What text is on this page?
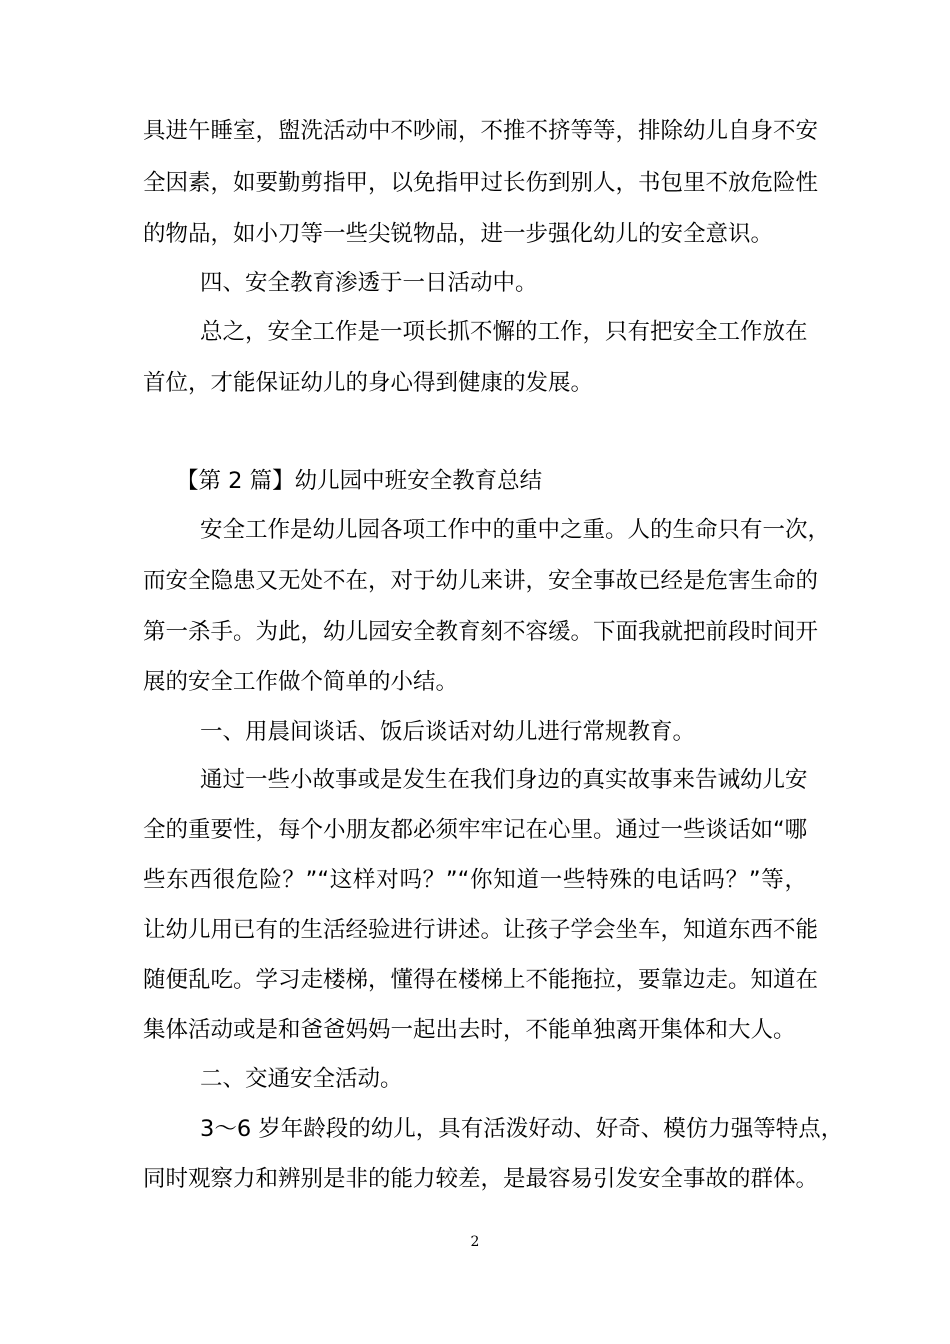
具进午睡室，盥洗活动中不吵闹，不推不挤等等，排除幼儿自身不安
全因素，如要勤剪指甲，以免指甲过长伤到别人，书包里不放危险性
的物品，如小刀等一些尖锐物品，进一步强化幼儿的安全意识。
四、安全教育渗透于一日活动中。
总之，安全工作是一项长抓不懈的工作，只有把安全工作放在
首位，才能保证幼儿的身心得到健康的发展。
【第 2 篇】幼儿园中班安全教育总结
安全工作是幼儿园各项工作中的重中之重。人的生命只有一次，
而安全隐患又无处不在，对于幼儿来讲，安全事故已经是危害生命的
第一杀手。为此，幼儿园安全教育刻不容缓。下面我就把前段时间开
展的安全工作做个简单的小结。
一、用晨间谈话、饭后谈话对幼儿进行常规教育。
通过一些小故事或是发生在我们身边的真实故事来告诫幼儿安
全的重要性，每个小朋友都必须牢牢记在心里。通过一些谈话如“哪
些东西很危险？”“这样对吗？”“你知道一些特殊的电话吗？”等，
让幼儿用已有的生活经验进行讲述。让孩子学会坐车，知道东西不能
随便乱吃。学习走楼梯，懂得在楼梯上不能拖拉，要靠边走。知道在
集体活动或是和爸爸妈妈一起出去时，不能单独离开集体和大人。
二、交通安全活动。
3～6 岁年龄段的幼儿，具有活泼好动、好奇、模仿力强等特点，
同时观察力和辨别是非的能力较差，是最容易引发安全事故的群体。
2
